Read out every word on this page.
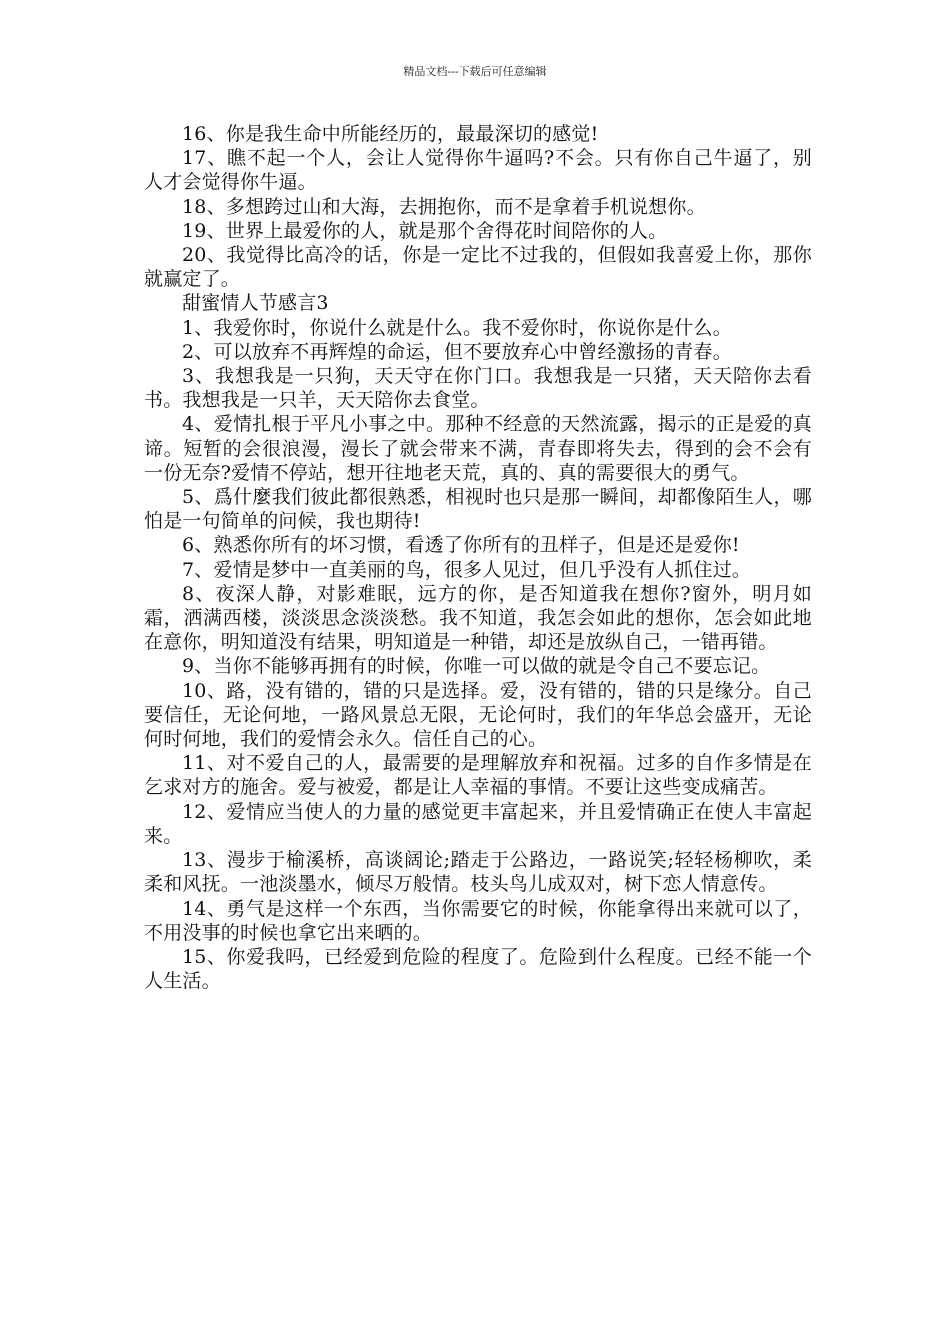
精品文档---下载后可任意编辑

16、你是我生命中所能经历的，最最深切的感觉!

17、瞧不起一个人，会让人觉得你牛逼吗?不会。只有你自己牛逼了，别人才会觉得你牛逼。

18、多想跨过山和大海，去拥抱你，而不是拿着手机说想你。

19、世界上最爱你的人，就是那个舍得花时间陪你的人。

20、我觉得比高冷的话，你是一定比不过我的，但假如我喜爱上你，那你就赢定了。

甜蜜情人节感言3

1、我爱你时，你说什么就是什么。我不爱你时，你说你是什么。

2、可以放弃不再辉煌的命运，但不要放弃心中曾经激扬的青春。

3、我想我是一只狗，天天守在你门口。我想我是一只猪，天天陪你去看书。我想我是一只羊，天天陪你去食堂。

4、爱情扎根于平凡小事之中。那种不经意的天然流露，揭示的正是爱的真谛。短暂的会很浪漫，漫长了就会带来不满，青春即将失去，得到的会不会有一份无奈?爱情不停站，想开往地老天荒，真的、真的需要很大的勇气。

5、爲什麼我们彼此都很熟悉，相视时也只是那一瞬间，却都像陌生人，哪怕是一句简单的问候，我也期待!

6、熟悉你所有的坏习惯，看透了你所有的丑样子，但是还是爱你!

7、爱情是梦中一直美丽的鸟，很多人见过，但几乎没有人抓住过。

8、夜深人静，对影难眠，远方的你，是否知道我在想你?窗外，明月如霜，洒满西楼，淡淡思念淡淡愁。我不知道，我怎会如此的想你，怎会如此地在意你，明知道没有结果，明知道是一种错，却还是放纵自己，一错再错。

9、当你不能够再拥有的时候，你唯一可以做的就是令自己不要忘记。

10、路，没有错的，错的只是选择。爱，没有错的，错的只是缘分。自己要信任，无论何地，一路风景总无限，无论何时，我们的年华总会盛开，无论何时何地，我们的爱情会永久。信任自己的心。

11、对不爱自己的人，最需要的是理解放弃和祝福。过多的自作多情是在乞求对方的施舍。爱与被爱，都是让人幸福的事情。不要让这些变成痛苦。

12、爱情应当使人的力量的感觉更丰富起来，并且爱情确正在使人丰富起来。

13、漫步于榆溪桥，高谈阔论;踏走于公路边，一路说笑;轻轻杨柳吹，柔柔和风抚。一池淡墨水，倾尽万般情。枝头鸟儿成双对，树下恋人情意传。

14、勇气是这样一个东西，当你需要它的时候，你能拿得出来就可以了，不用没事的时候也拿它出来晒的。

15、你爱我吗，已经爱到危险的程度了。危险到什么程度。已经不能一个人生活。
